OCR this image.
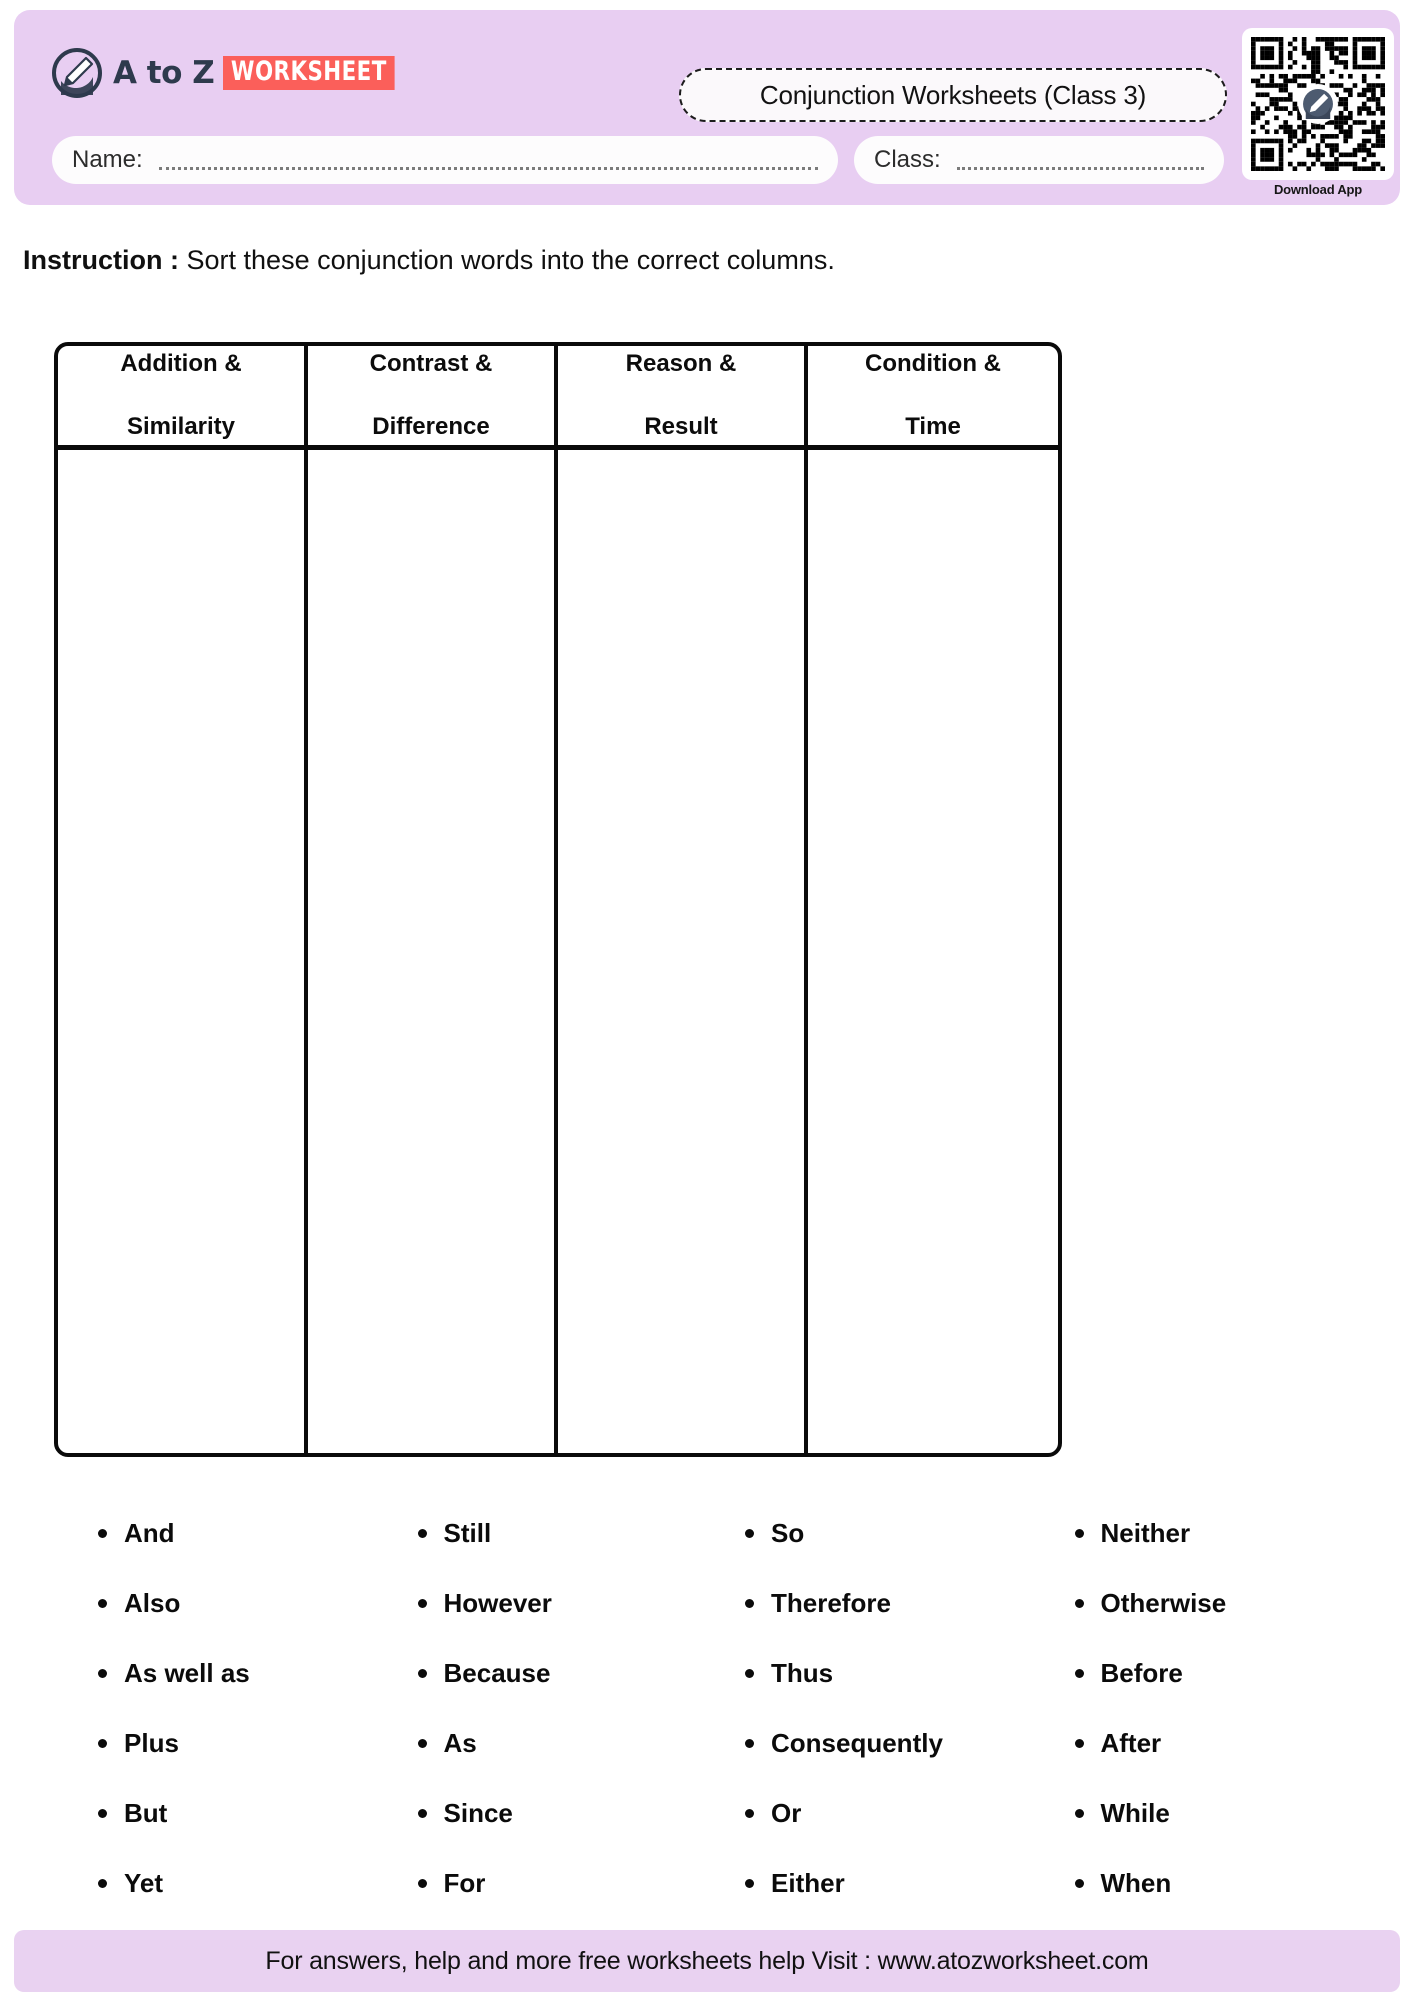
A to Z WORKSHEET
Conjunction Worksheets (Class 3)
Name:	Class:
Download App
Instruction : Sort these conjunction words into the correct columns.
Addition &

Similarity
Contrast &

Difference
Reason &

Result
Condition &

Time
And
Also
As well as
Plus
But
Yet
Still
However
Because
As
Since
For
So
Therefore
Thus
Consequently
Or
Either
Neither
Otherwise
Before
After
While
When
For answers, help and more free worksheets help Visit : www.atozworksheet.com
